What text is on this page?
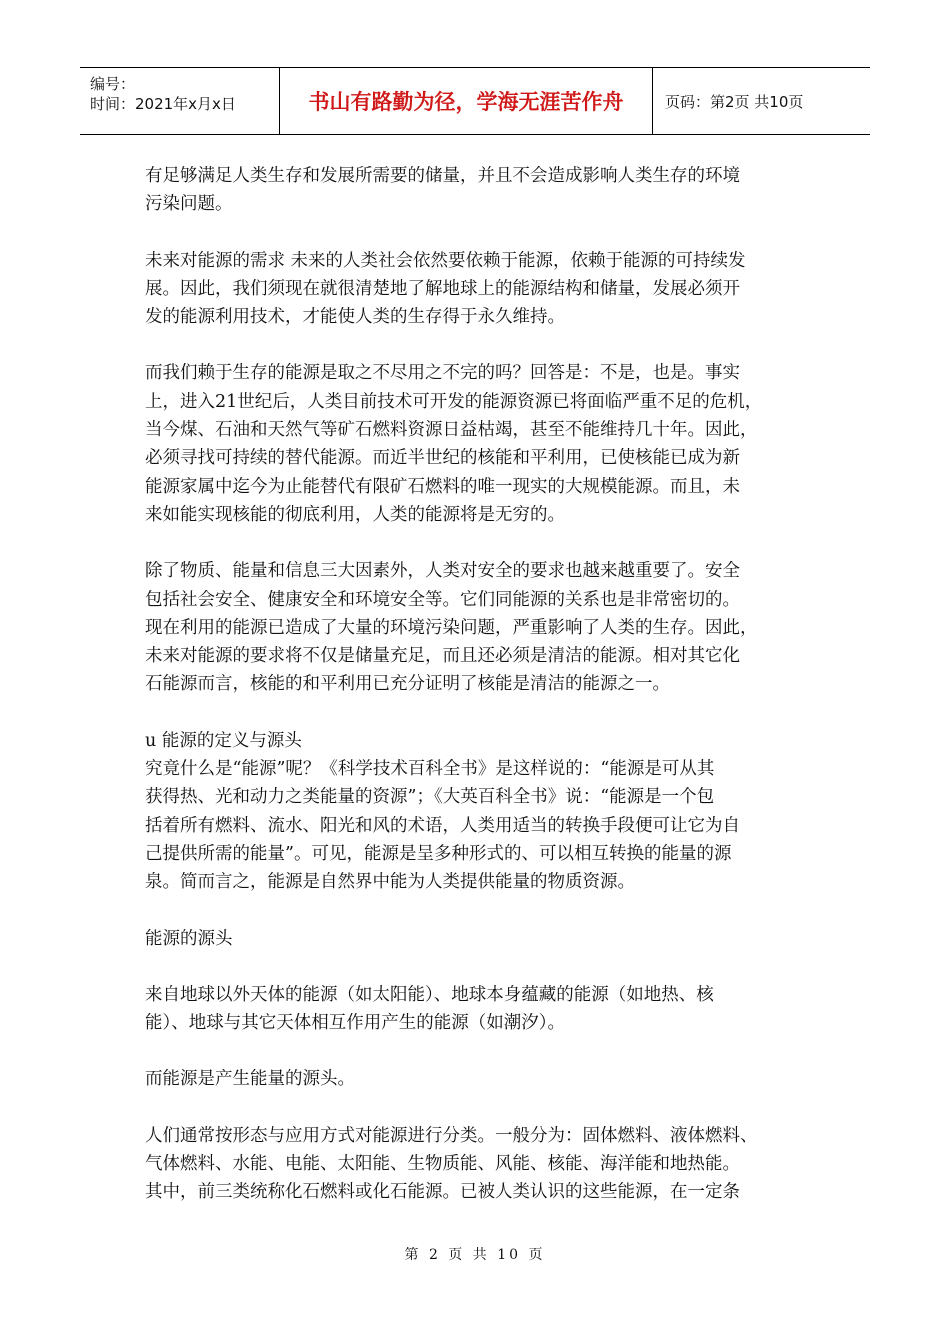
编号：
时间：2021年x月x日	书山有路勤为径，学海无涯苦作舟	页码：第2页 共10页

有足够满足人类生存和发展所需要的储量，并且不会造成影响人类生存的环境

污染问题。

未来对能源的需求 未来的人类社会依然要依赖于能源，依赖于能源的可持续发

展。因此，我们须现在就很清楚地了解地球上的能源结构和储量，发展必须开

发的能源利用技术，才能使人类的生存得于永久维持。

而我们赖于生存的能源是取之不尽用之不完的吗？回答是：不是，也是。事实

上，进入21世纪后，人类目前技术可开发的能源资源已将面临严重不足的危机，

当今煤、石油和天然气等矿石燃料资源日益枯竭，甚至不能维持几十年。因此，

必须寻找可持续的替代能源。而近半世纪的核能和平利用，已使核能已成为新

能源家属中迄今为止能替代有限矿石燃料的唯一现实的大规模能源。而且，未

来如能实现核能的彻底利用，人类的能源将是无穷的。

除了物质、能量和信息三大因素外，人类对安全的要求也越来越重要了。安全

包括社会安全、健康安全和环境安全等。它们同能源的关系也是非常密切的。

现在利用的能源已造成了大量的环境污染问题，严重影响了人类的生存。因此，

未来对能源的要求将不仅是储量充足，而且还必须是清洁的能源。相对其它化

石能源而言，核能的和平利用已充分证明了核能是清洁的能源之一。

u 能源的定义与源头

究竟什么是“能源”呢？《科学技术百科全书》是这样说的：“能源是可从其

获得热、光和动力之类能量的资源”；《大英百科全书》说：“能源是一个包

括着所有燃料、流水、阳光和风的术语，人类用适当的转换手段便可让它为自

己提供所需的能量”。可见，能源是呈多种形式的、可以相互转换的能量的源

泉。简而言之，能源是自然界中能为人类提供能量的物质资源。

能源的源头

来自地球以外天体的能源（如太阳能）、地球本身蕴藏的能源（如地热、核

能）、地球与其它天体相互作用产生的能源（如潮汐）。

而能源是产生能量的源头。

人们通常按形态与应用方式对能源进行分类。一般分为：固体燃料、液体燃料、

气体燃料、水能、电能、太阳能、生物质能、风能、核能、海洋能和地热能。

其中，前三类统称化石燃料或化石能源。已被人类认识的这些能源，在一定条

第 2 页 共 10 页
